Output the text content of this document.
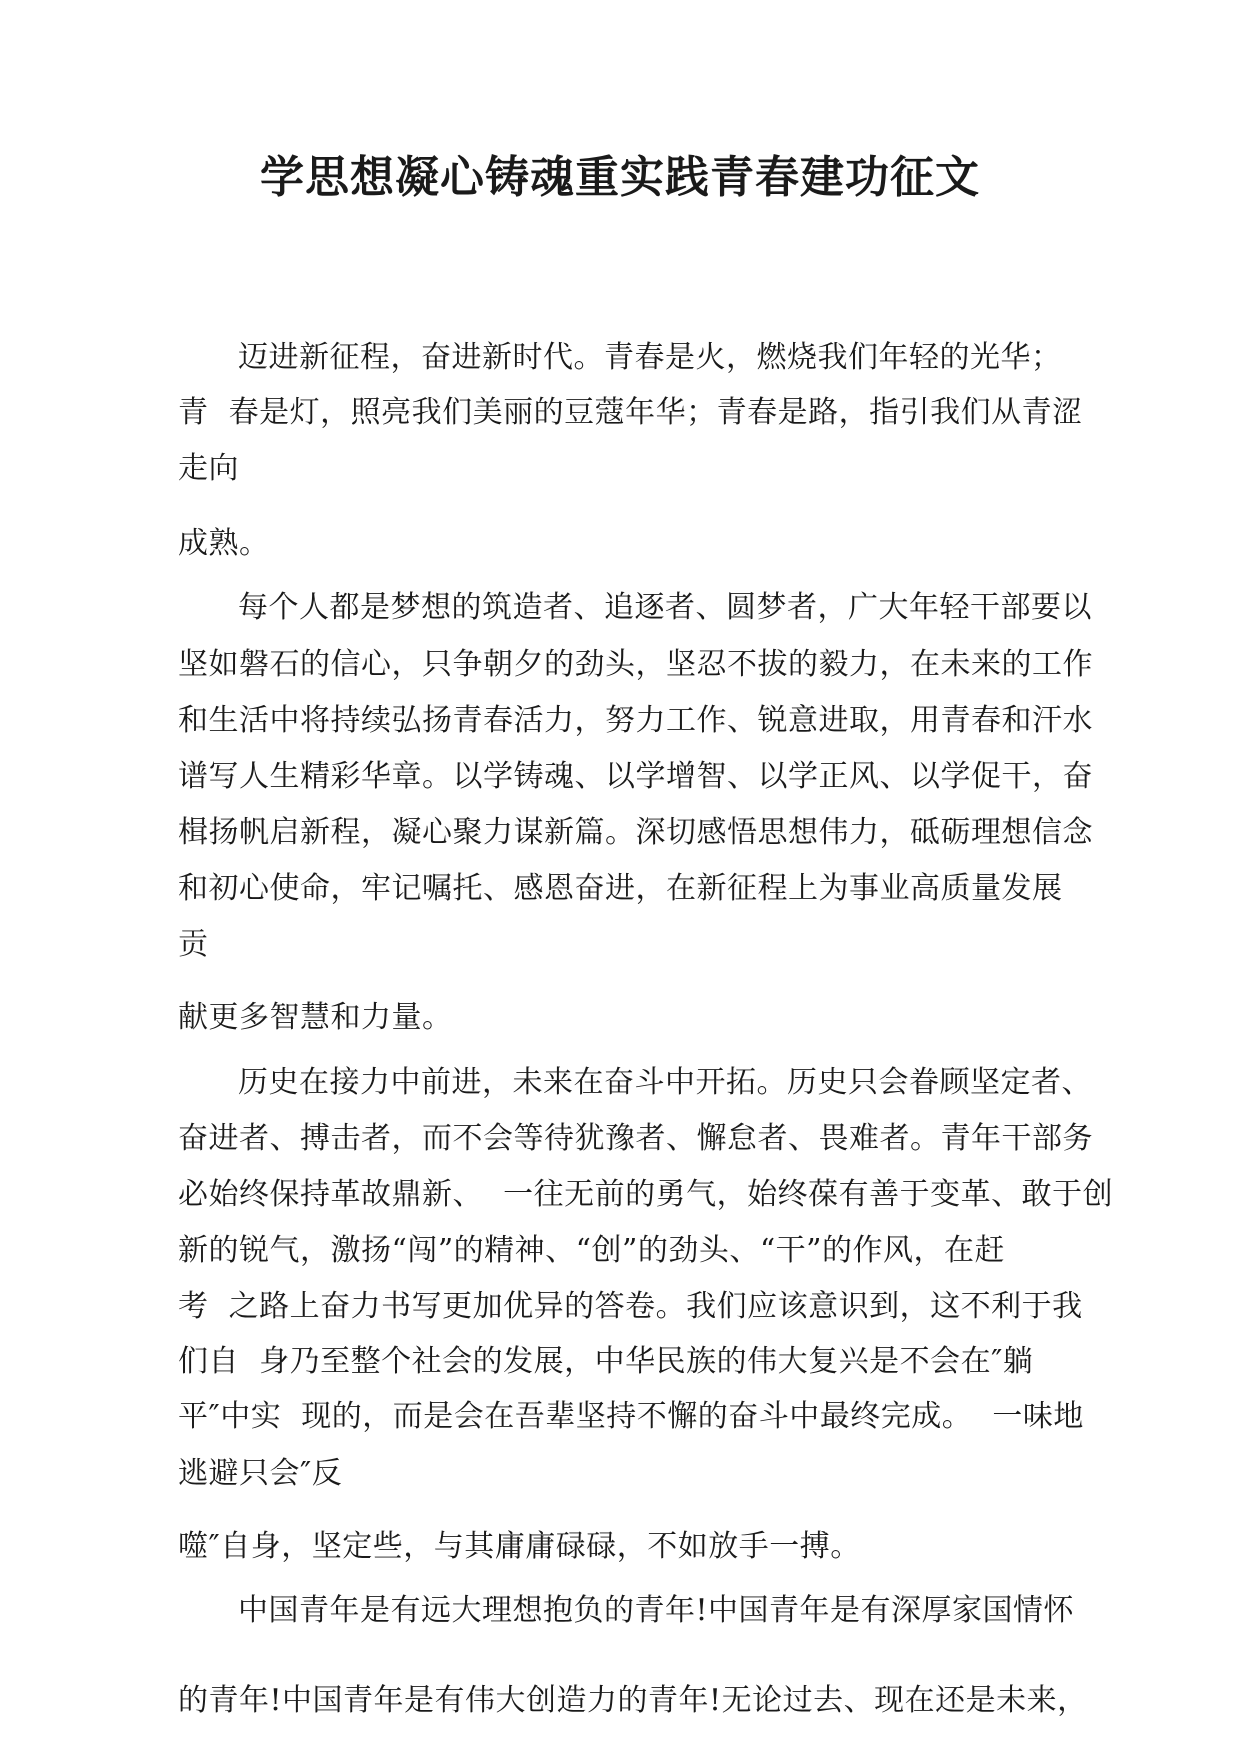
学思想凝心铸魂重实践青春建功征文

迈进新征程，奋进新时代。青春是火，燃烧我们年轻的光华；

青  春是灯，照亮我们美丽的豆蔻年华；青春是路，指引我们从青涩

走向

成熟。

每个人都是梦想的筑造者、追逐者、圆梦者，广大年轻干部要以

坚如磐石的信心，只争朝夕的劲头，坚忍不拔的毅力，在未来的工作

和生活中将持续弘扬青春活力，努力工作、锐意进取，用青春和汗水

谱写人生精彩华章。以学铸魂、以学增智、以学正风、以学促干，奋

楫扬帆启新程，凝心聚力谋新篇。深切感悟思想伟力，砥砺理想信念

和初心使命，牢记嘱托、感恩奋进，在新征程上为事业高质量发展

贡

献更多智慧和力量。

历史在接力中前进，未来在奋斗中开拓。历史只会眷顾坚定者、

奋进者、搏击者，而不会等待犹豫者、懈怠者、畏难者。青年干部务

必始终保持革故鼎新、  一往无前的勇气，始终葆有善于变革、敢于创

新的锐气，激扬“闯”的精神、“创”的劲头、“干”的作风，在赶

考  之路上奋力书写更加优异的答卷。我们应该意识到，这不利于我

们自  身乃至整个社会的发展，中华民族的伟大复兴是不会在″躺

平″中实  现的，而是会在吾辈坚持不懈的奋斗中最终完成。  一味地

逃避只会″反

噬″自身，坚定些，与其庸庸碌碌，不如放手一搏。

中国青年是有远大理想抱负的青年!中国青年是有深厚家国情怀

的青年!中国青年是有伟大创造力的青年!无论过去、现在还是未来，
